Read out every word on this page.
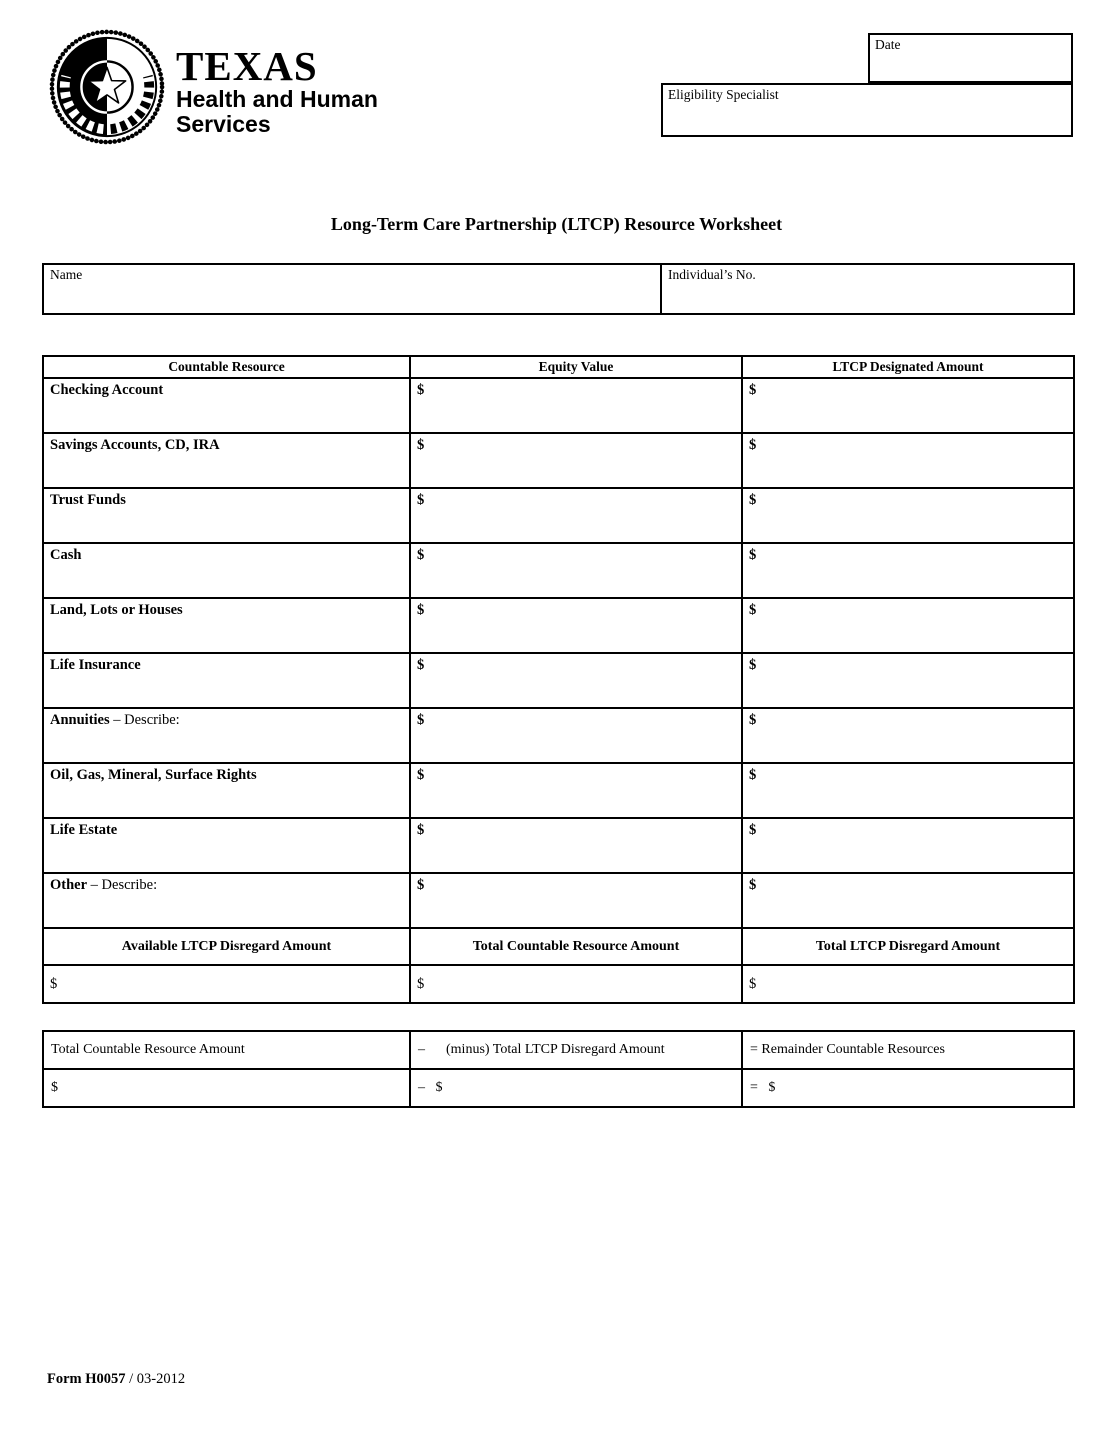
TEXAS
Health and Human
Services
Date
Eligibility Specialist
Long-Term Care Partnership (LTCP) Resource Worksheet
Name	Individual’s No.
Countable Resource	Equity Value	LTCP Designated Amount
Checking Account	$	$
Savings Accounts, CD, IRA	$	$
Trust Funds	$	$
Cash	$	$
Land, Lots or Houses	$	$
Life Insurance	$	$
Annuities – Describe:	$	$
Oil, Gas, Mineral, Surface Rights	$	$
Life Estate	$	$
Other – Describe:	$	$
Available LTCP Disregard Amount	Total Countable Resource Amount	Total LTCP Disregard Amount
$	$	$
Total Countable Resource Amount	–      (minus) Total LTCP Disregard Amount	= Remainder Countable Resources
$	–   $	=   $
Form H0057 / 03-2012
